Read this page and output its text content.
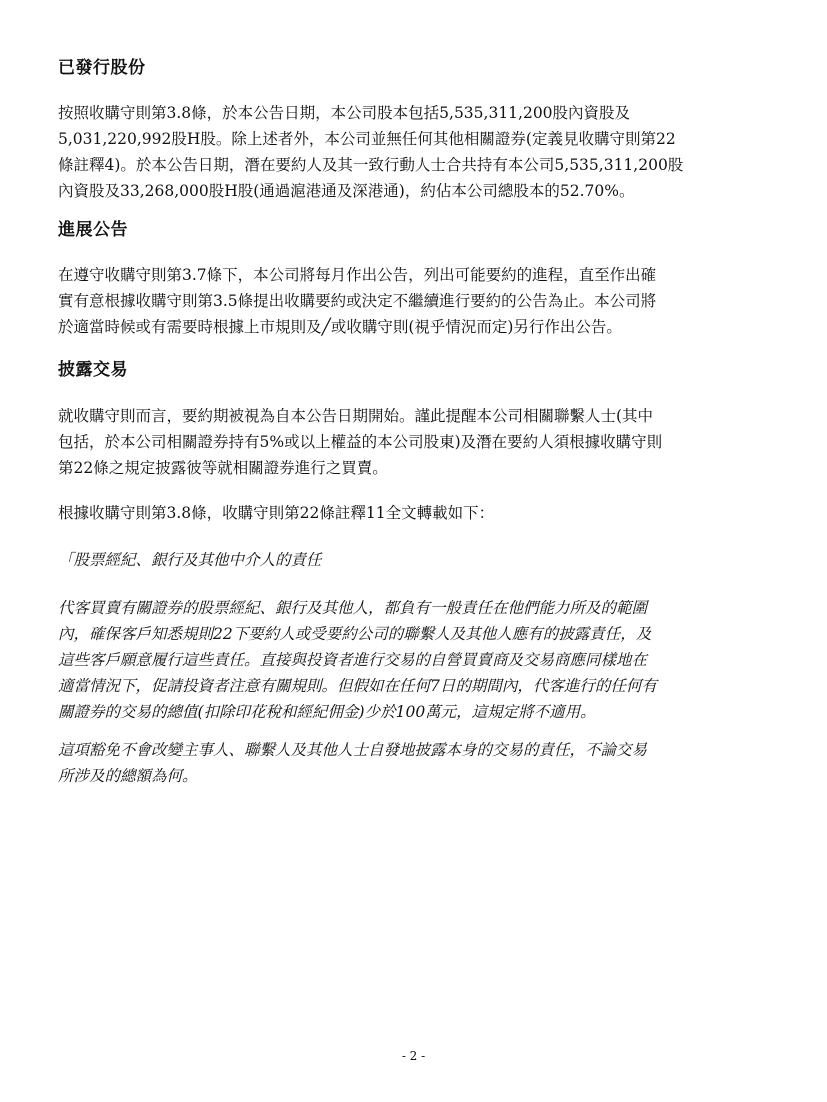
已發行股份
按照收購守則第3.8條，於本公告日期，本公司股本包括5,535,311,200股內資股及
5,031,220,992股H股。除上述者外，本公司並無任何其他相關證券(定義見收購守則第22
條註釋4)。於本公告日期，潛在要約人及其一致行動人士合共持有本公司5,535,311,200股
內資股及33,268,000股H股(通過滬港通及深港通)，約佔本公司總股本的52.70%。
進展公告
在遵守收購守則第3.7條下，本公司將每月作出公告，列出可能要約的進程，直至作出確
實有意根據收購守則第3.5條提出收購要約或決定不繼續進行要約的公告為止。本公司將
於適當時候或有需要時根據上市規則及╱或收購守則(視乎情況而定)另行作出公告。
披露交易
就收購守則而言，要約期被視為自本公告日期開始。謹此提醒本公司相關聯繫人士(其中
包括，於本公司相關證券持有5%或以上權益的本公司股東)及潛在要約人須根據收購守則
第22條之規定披露彼等就相關證券進行之買賣。
根據收購守則第3.8條，收購守則第22條註釋11全文轉載如下：
「股票經紀、銀行及其他中介人的責任
代客買賣有關證券的股票經紀、銀行及其他人，都負有一般責任在他們能力所及的範圍
內，確保客戶知悉規則22下要約人或受要約公司的聯繫人及其他人應有的披露責任，及
這些客戶願意履行這些責任。直接與投資者進行交易的自營買賣商及交易商應同樣地在
適當情況下，促請投資者注意有關規則。但假如在任何7日的期間內，代客進行的任何有
關證券的交易的總值(扣除印花稅和經紀佣金)少於100萬元，這規定將不適用。
這項豁免不會改變主事人、聯繫人及其他人士自發地披露本身的交易的責任，不論交易
所涉及的總額為何。
- 2 -
